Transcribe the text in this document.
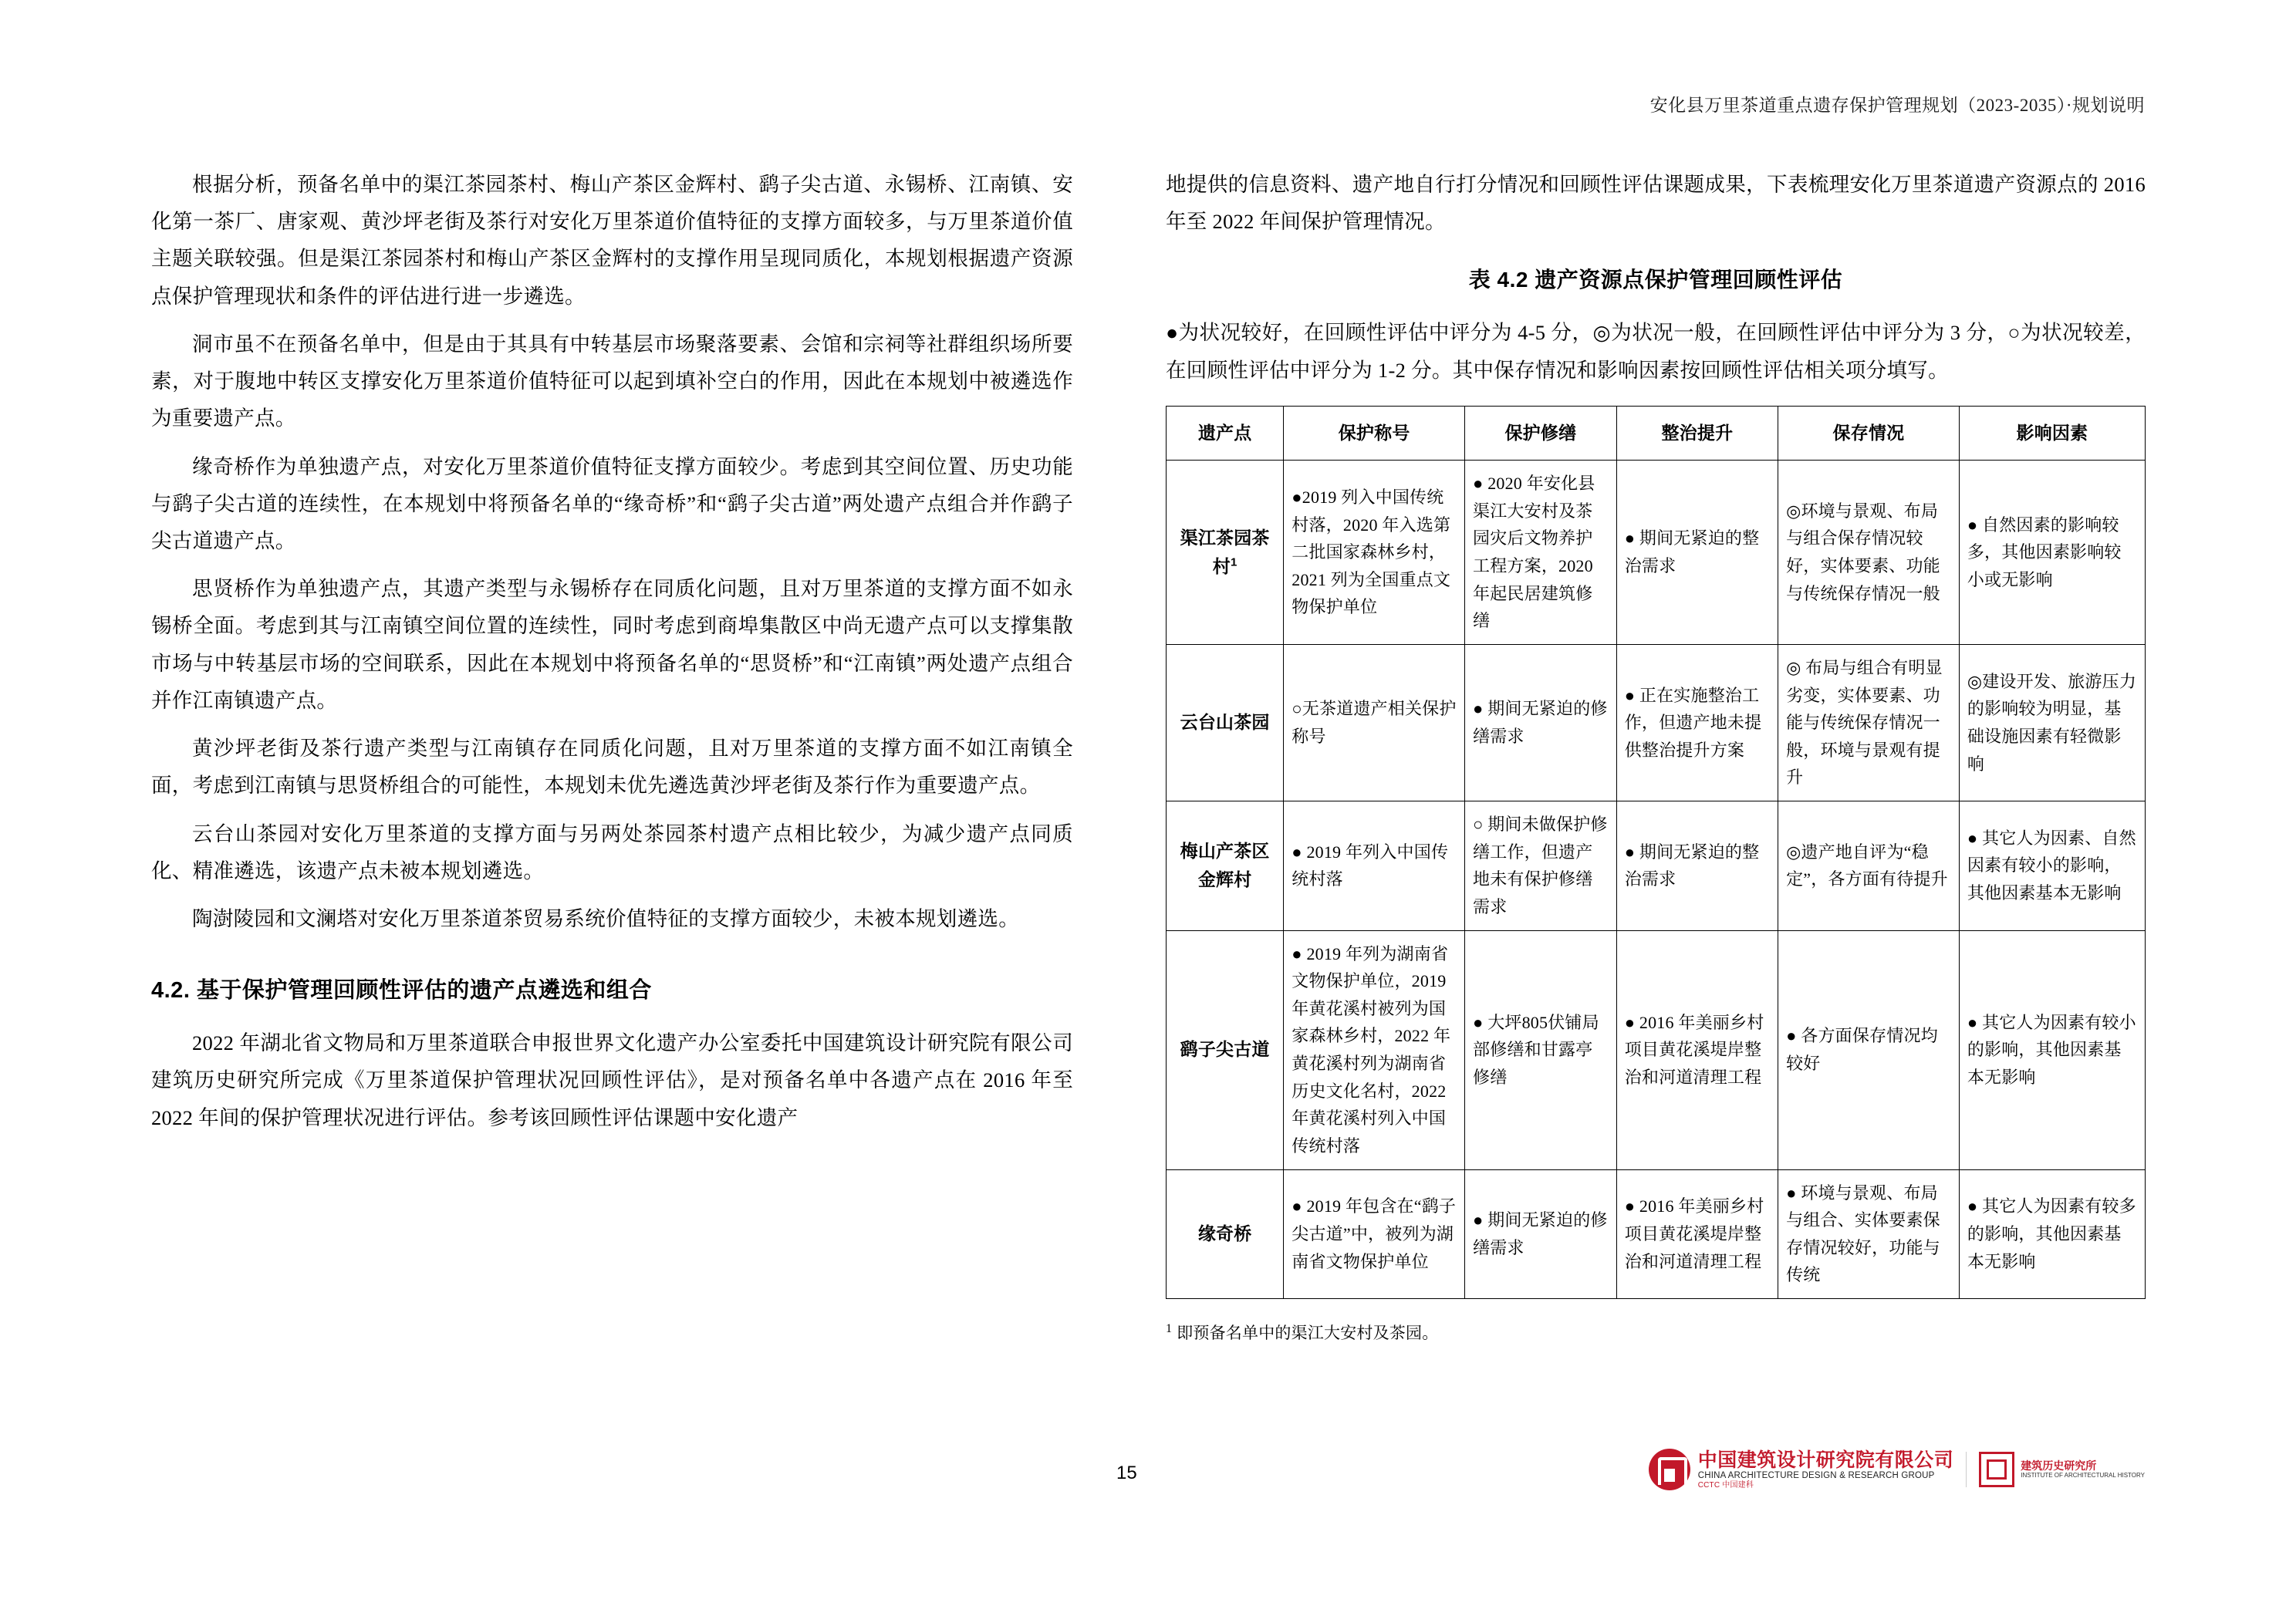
安化县万里茶道重点遗存保护管理规划（2023-2035）·规划说明

根据分析，预备名单中的渠江茶园茶村、梅山产茶区金辉村、鹞子尖古道、永锡桥、江南镇、安化第一茶厂、唐家观、黄沙坪老街及茶行对安化万里茶道价值特征的支撑方面较多，与万里茶道价值主题关联较强。但是渠江茶园茶村和梅山产茶区金辉村的支撑作用呈现同质化，本规划根据遗产资源点保护管理现状和条件的评估进行进一步遴选。

洞市虽不在预备名单中，但是由于其具有中转基层市场聚落要素、会馆和宗祠等社群组织场所要素，对于腹地中转区支撑安化万里茶道价值特征可以起到填补空白的作用，因此在本规划中被遴选作为重要遗产点。

缘奇桥作为单独遗产点，对安化万里茶道价值特征支撑方面较少。考虑到其空间位置、历史功能与鹞子尖古道的连续性，在本规划中将预备名单的“缘奇桥”和“鹞子尖古道”两处遗产点组合并作鹞子尖古道遗产点。

思贤桥作为单独遗产点，其遗产类型与永锡桥存在同质化问题，且对万里茶道的支撑方面不如永锡桥全面。考虑到其与江南镇空间位置的连续性，同时考虑到商埠集散区中尚无遗产点可以支撑集散市场与中转基层市场的空间联系，因此在本规划中将预备名单的“思贤桥”和“江南镇”两处遗产点组合并作江南镇遗产点。

黄沙坪老街及茶行遗产类型与江南镇存在同质化问题，且对万里茶道的支撑方面不如江南镇全面，考虑到江南镇与思贤桥组合的可能性，本规划未优先遴选黄沙坪老街及茶行作为重要遗产点。

云台山茶园对安化万里茶道的支撑方面与另两处茶园茶村遗产点相比较少，为减少遗产点同质化、精准遴选，该遗产点未被本规划遴选。

陶澍陵园和文澜塔对安化万里茶道茶贸易系统价值特征的支撑方面较少，未被本规划遴选。

4.2. 基于保护管理回顾性评估的遗产点遴选和组合

2022 年湖北省文物局和万里茶道联合申报世界文化遗产办公室委托中国建筑设计研究院有限公司建筑历史研究所完成《万里茶道保护管理状况回顾性评估》，是对预备名单中各遗产点在 2016 年至 2022 年间的保护管理状况进行评估。参考该回顾性评估课题中安化遗产

地提供的信息资料、遗产地自行打分情况和回顾性评估课题成果，下表梳理安化万里茶道遗产资源点的 2016 年至 2022 年间保护管理情况。

表 4.2 遗产资源点保护管理回顾性评估
●为状况较好，在回顾性评估中评分为 4-5 分，◎为状况一般，在回顾性评估中评分为 3 分，○为状况较差，在回顾性评估中评分为 1-2 分。其中保存情况和影响因素按回顾性评估相关项分填写。
遗产点	保护称号	保护修缮	整治提升	保存情况	影响因素
渠江茶园茶村$^1$	●2019 列入中国传统村落，2020 年入选第二批国家森林乡村，2021 列为全国重点文物保护单位	● 2020 年安化县渠江大安村及茶园灾后文物养护工程方案，2020 年起民居建筑修缮	● 期间无紧迫的整治需求	◎环境与景观、布局与组合保存情况较好，实体要素、功能与传统保存情况一般	● 自然因素的影响较多，其他因素影响较小或无影响
云台山茶园	○无茶道遗产相关保护称号	● 期间无紧迫的修缮需求	● 正在实施整治工作，但遗产地未提供整治提升方案	◎ 布局与组合有明显劣变，实体要素、功能与传统保存情况一般，环境与景观有提升	◎建设开发、旅游压力的影响较为明显，基础设施因素有轻微影响
梅山产茶区金辉村	● 2019 年列入中国传统村落	○ 期间未做保护修缮工作，但遗产地未有保护修缮需求	● 期间无紧迫的整治需求	◎遗产地自评为“稳定”，各方面有待提升	● 其它人为因素、自然因素有较小的影响，其他因素基本无影响
鹞子尖古道	● 2019 年列为湖南省文物保护单位，2019 年黄花溪村被列为国家森林乡村，2022 年黄花溪村列为湖南省历史文化名村，2022 年黄花溪村列入中国传统村落	● 大坪805伏铺局部修缮和甘露亭修缮	● 2016 年美丽乡村项目黄花溪堤岸整治和河道清理工程	● 各方面保存情况均较好	● 其它人为因素有较小的影响，其他因素基本无影响
缘奇桥	● 2019 年包含在“鹞子尖古道”中，被列为湖南省文物保护单位	● 期间无紧迫的修缮需求	● 2016 年美丽乡村项目黄花溪堤岸整治和河道清理工程	● 环境与景观、布局与组合、实体要素保存情况较好，功能与传统	● 其它人为因素有较多的影响，其他因素基本无影响
$^1$ 即预备名单中的渠江大安村及茶园。
15
中国建筑设计研究院有限公司
CHINA ARCHITECTURE DESIGN & RESEARCH GROUP
CCTC 中国建科
建筑历史研究所
INSTITUTE OF ARCHITECTURAL HISTORY
